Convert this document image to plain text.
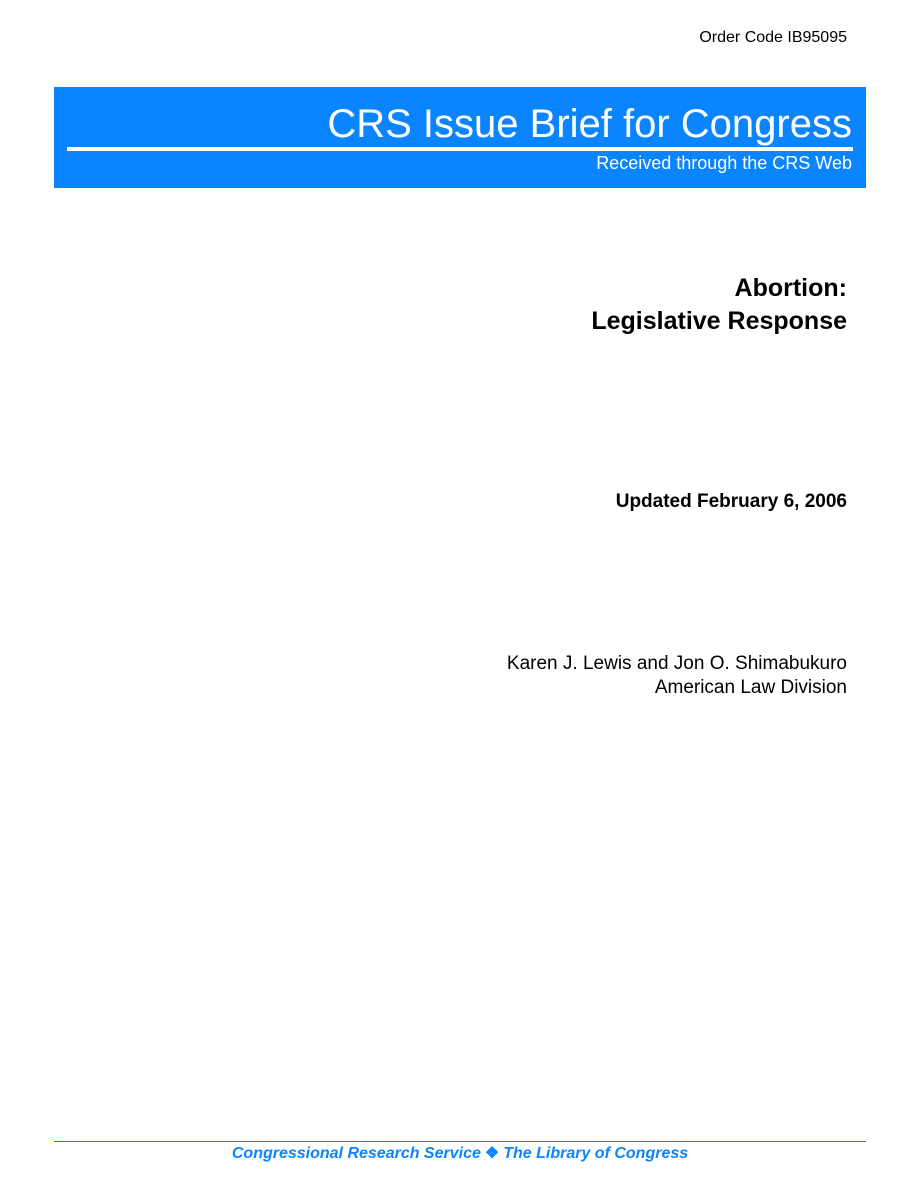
Order Code IB95095
CRS Issue Brief for Congress
Received through the CRS Web
Abortion:
Legislative Response
Updated February 6, 2006
Karen J. Lewis and Jon O. Shimabukuro
American Law Division
Congressional Research Service ❖ The Library of Congress
